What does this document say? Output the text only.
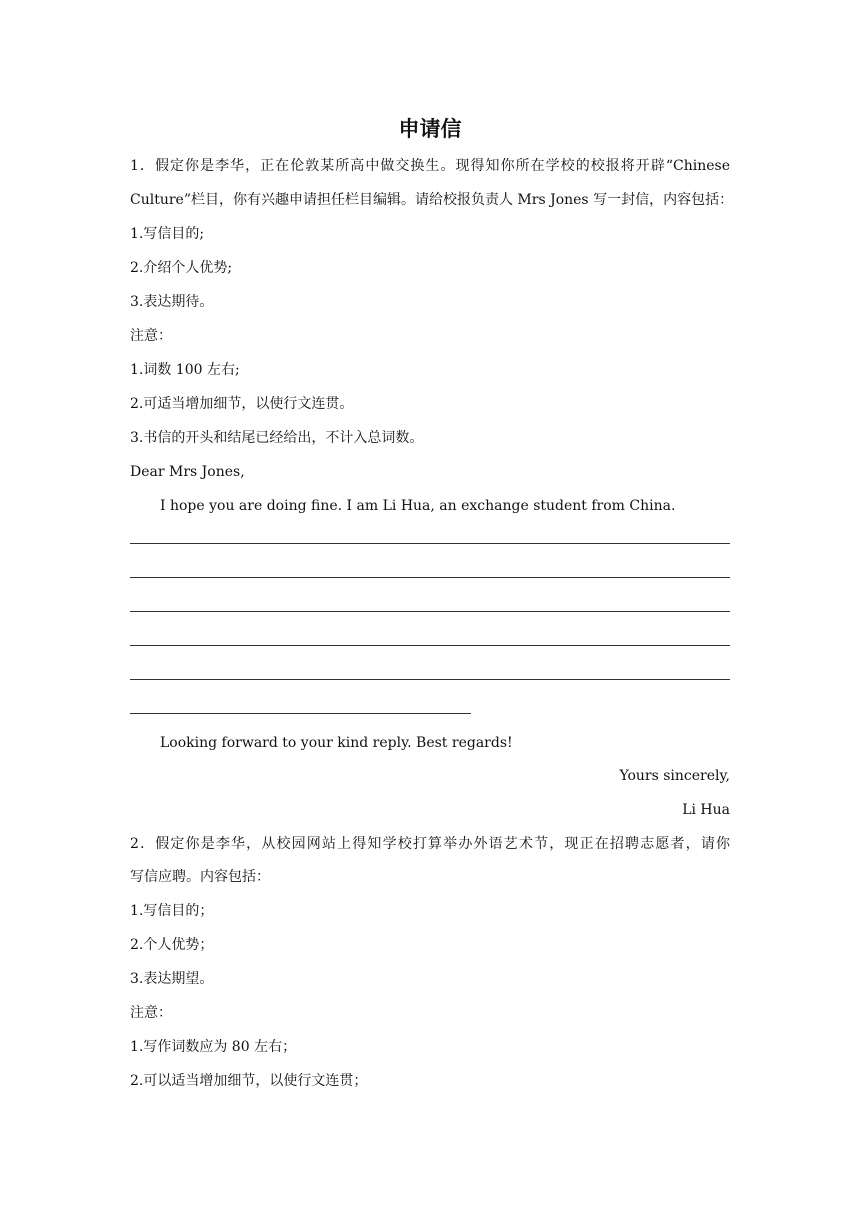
申请信
1．假定你是李华，正在伦敦某所高中做交换生。现得知你所在学校的校报将开辟“Chinese
Culture”栏目，你有兴趣申请担任栏目编辑。请给校报负责人 Mrs Jones 写一封信，内容包括：
1.写信目的;
2.介绍个人优势;
3.表达期待。
注意：
1.词数 100 左右;
2.可适当增加细节，以使行文连贯。
3.书信的开头和结尾已经给出，不计入总词数。
Dear Mrs Jones,
I hope you are doing fine. I am Li Hua, an exchange student from China.
Looking forward to your kind reply. Best regards!
Yours sincerely,
Li Hua
2．假定你是李华，从校园网站上得知学校打算举办外语艺术节，现正在招聘志愿者，请你
写信应聘。内容包括：
1.写信目的；
2.个人优势；
3.表达期望。
注意：
1.写作词数应为 80 左右；
2.可以适当增加细节，以使行文连贯；
